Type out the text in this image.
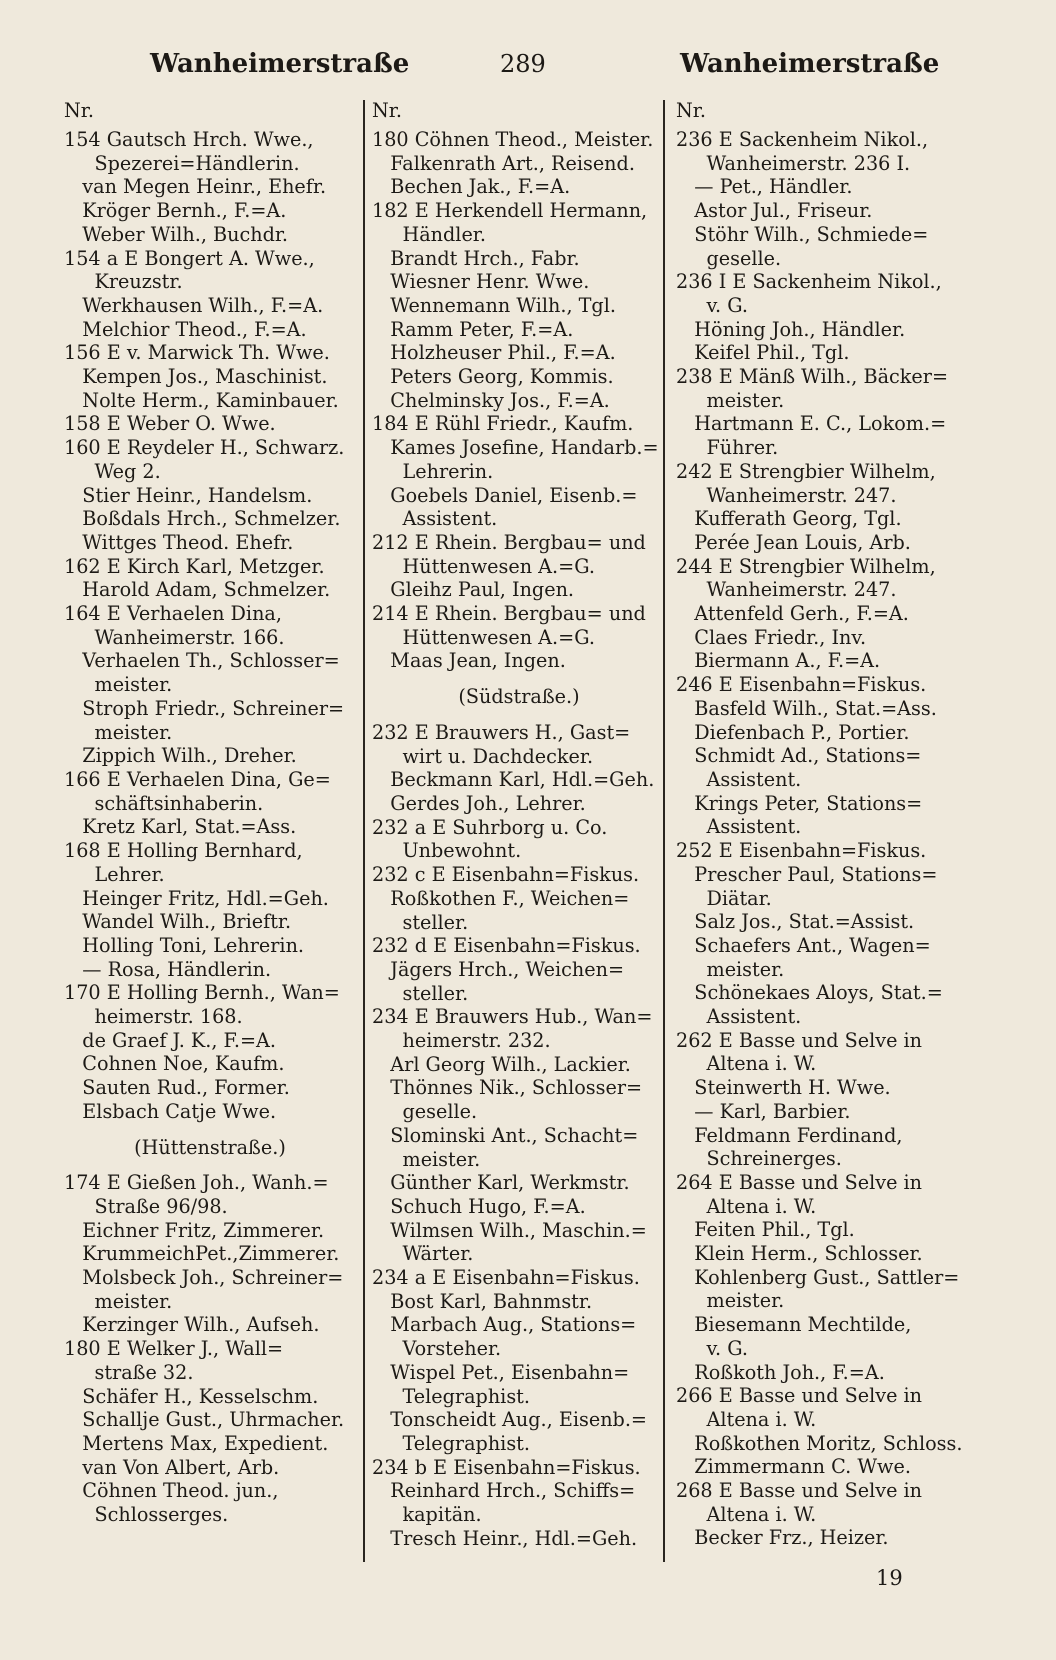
Wanheimerstraße	289	Wanheimerstraße
Nr.
154 Gautsch Hrch. Wwe.,
Spezerei=Händlerin.
van Megen Heinr., Ehefr.
Kröger Bernh., F.=A.
Weber Wilh., Buchdr.
154 a E Bongert A. Wwe.,
Kreuzstr.
Werkhausen Wilh., F.=A.
Melchior Theod., F.=A.
156 E v. Marwick Th. Wwe.
Kempen Jos., Maschinist.
Nolte Herm., Kaminbauer.
158 E Weber O. Wwe.
160 E Reydeler H., Schwarz.
Weg 2.
Stier Heinr., Handelsm.
Boßdals Hrch., Schmelzer.
Wittges Theod. Ehefr.
162 E Kirch Karl, Metzger.
Harold Adam, Schmelzer.
164 E Verhaelen Dina,
Wanheimerstr. 166.
Verhaelen Th., Schlosser=
meister.
Stroph Friedr., Schreiner=
meister.
Zippich Wilh., Dreher.
166 E Verhaelen Dina, Ge=
schäftsinhaberin.
Kretz Karl, Stat.=Ass.
168 E Holling Bernhard,
Lehrer.
Heinger Fritz, Hdl.=Geh.
Wandel Wilh., Brieftr.
Holling Toni, Lehrerin.
— Rosa, Händlerin.
170 E Holling Bernh., Wan=
heimerstr. 168.
de Graef J. K., F.=A.
Cohnen Noe, Kaufm.
Sauten Rud., Former.
Elsbach Catje Wwe.
(Hüttenstraße.)
174 E Gießen Joh., Wanh.=
Straße 96/98.
Eichner Fritz, Zimmerer.
KrummeichPet.,Zimmerer.
Molsbeck Joh., Schreiner=
meister.
Kerzinger Wilh., Aufseh.
180 E Welker J., Wall=
straße 32.
Schäfer H., Kesselschm.
Schallje Gust., Uhrmacher.
Mertens Max, Expedient.
van Von Albert, Arb.
Cöhnen Theod. jun.,
Schlosserges.
Nr.
180 Cöhnen Theod., Meister.
Falkenrath Art., Reisend.
Bechen Jak., F.=A.
182 E Herkendell Hermann,
Händler.
Brandt Hrch., Fabr.
Wiesner Henr. Wwe.
Wennemann Wilh., Tgl.
Ramm Peter, F.=A.
Holzheuser Phil., F.=A.
Peters Georg, Kommis.
Chelminsky Jos., F.=A.
184 E Rühl Friedr., Kaufm.
Kames Josefine, Handarb.=
Lehrerin.
Goebels Daniel, Eisenb.=
Assistent.
212 E Rhein. Bergbau= und
Hüttenwesen A.=G.
Gleihz Paul, Ingen.
214 E Rhein. Bergbau= und
Hüttenwesen A.=G.
Maas Jean, Ingen.
(Südstraße.)
232 E Brauwers H., Gast=
wirt u. Dachdecker.
Beckmann Karl, Hdl.=Geh.
Gerdes Joh., Lehrer.
232 a E Suhrborg u. Co.
Unbewohnt.
232 c E Eisenbahn=Fiskus.
Roßkothen F., Weichen=
steller.
232 d E Eisenbahn=Fiskus.
Jägers Hrch., Weichen=
steller.
234 E Brauwers Hub., Wan=
heimerstr. 232.
Arl Georg Wilh., Lackier.
Thönnes Nik., Schlosser=
geselle.
Slominski Ant., Schacht=
meister.
Günther Karl, Werkmstr.
Schuch Hugo, F.=A.
Wilmsen Wilh., Maschin.=
Wärter.
234 a E Eisenbahn=Fiskus.
Bost Karl, Bahnmstr.
Marbach Aug., Stations=
Vorsteher.
Wispel Pet., Eisenbahn=
Telegraphist.
Tonscheidt Aug., Eisenb.=
Telegraphist.
234 b E Eisenbahn=Fiskus.
Reinhard Hrch., Schiffs=
kapitän.
Tresch Heinr., Hdl.=Geh.
Nr.
236 E Sackenheim Nikol.,
Wanheimerstr. 236 I.
— Pet., Händler.
Astor Jul., Friseur.
Stöhr Wilh., Schmiede=
geselle.
236 I E Sackenheim Nikol.,
v. G.
Höning Joh., Händler.
Keifel Phil., Tgl.
238 E Mänß Wilh., Bäcker=
meister.
Hartmann E. C., Lokom.=
Führer.
242 E Strengbier Wilhelm,
Wanheimerstr. 247.
Kufferath Georg, Tgl.
Perée Jean Louis, Arb.
244 E Strengbier Wilhelm,
Wanheimerstr. 247.
Attenfeld Gerh., F.=A.
Claes Friedr., Inv.
Biermann A., F.=A.
246 E Eisenbahn=Fiskus.
Basfeld Wilh., Stat.=Ass.
Diefenbach P., Portier.
Schmidt Ad., Stations=
Assistent.
Krings Peter, Stations=
Assistent.
252 E Eisenbahn=Fiskus.
Prescher Paul, Stations=
Diätar.
Salz Jos., Stat.=Assist.
Schaefers Ant., Wagen=
meister.
Schönekaes Aloys, Stat.=
Assistent.
262 E Basse und Selve in
Altena i. W.
Steinwerth H. Wwe.
— Karl, Barbier.
Feldmann Ferdinand,
Schreinerges.
264 E Basse und Selve in
Altena i. W.
Feiten Phil., Tgl.
Klein Herm., Schlosser.
Kohlenberg Gust., Sattler=
meister.
Biesemann Mechtilde,
v. G.
Roßkoth Joh., F.=A.
266 E Basse und Selve in
Altena i. W.
Roßkothen Moritz, Schloss.
Zimmermann C. Wwe.
268 E Basse und Selve in
Altena i. W.
Becker Frz., Heizer.
19
